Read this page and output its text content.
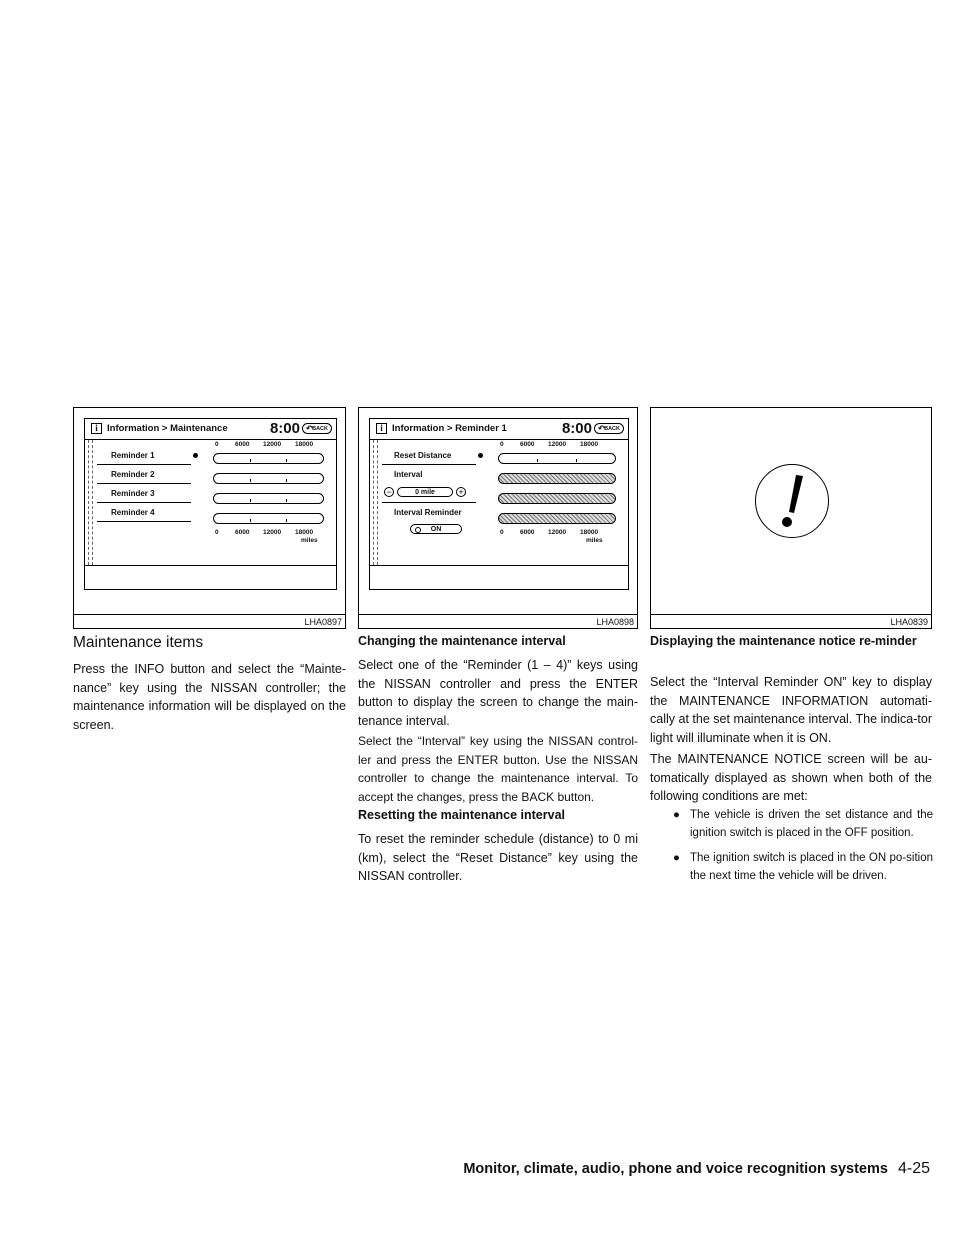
i Information > Maintenance	8:00 ↶ BACK
Reminder 1
Reminder 2
Reminder 3
Reminder 4
0	6000 12000 18000
0	6000 12000 18000
miles
LHA0897
i Information > Reminder 1	8:00 ↶ BACK
Reset Distance
Interval
−	0 mile	+
Interval Reminder
ON
0	6000 12000 18000
0	6000 12000 18000
miles
LHA0898	LHA0839
Maintenance items

Press the INFO button and select the “Mainte-nance” key using the NISSAN controller; the maintenance information will be displayed on the screen.

Changing the maintenance interval

Select one of the “Reminder (1 – 4)” keys using the NISSAN controller and press the ENTER button to display the screen to change the main-tenance interval.

Select the “Interval” key using the NISSAN control-ler and press the ENTER button. Use the NISSAN controller to change the maintenance interval. To accept the changes, press the BACK button.

Resetting the maintenance interval

To reset the reminder schedule (distance) to 0 mi (km), select the “Reset Distance” key using the NISSAN controller.

Displaying the maintenance notice re-minder

Select the “Interval Reminder ON” key to display the MAINTENANCE INFORMATION automati-cally at the set maintenance interval. The indica-tor light will illuminate when it is ON.

The MAINTENANCE NOTICE screen will be au-tomatically displayed as shown when both of the following conditions are met:

● The vehicle is driven the set distance and the ignition switch is placed in the OFF position.
● The ignition switch is placed in the ON po-sition the next time the vehicle will be driven.
Monitor, climate, audio, phone and voice recognition systems 4-25
